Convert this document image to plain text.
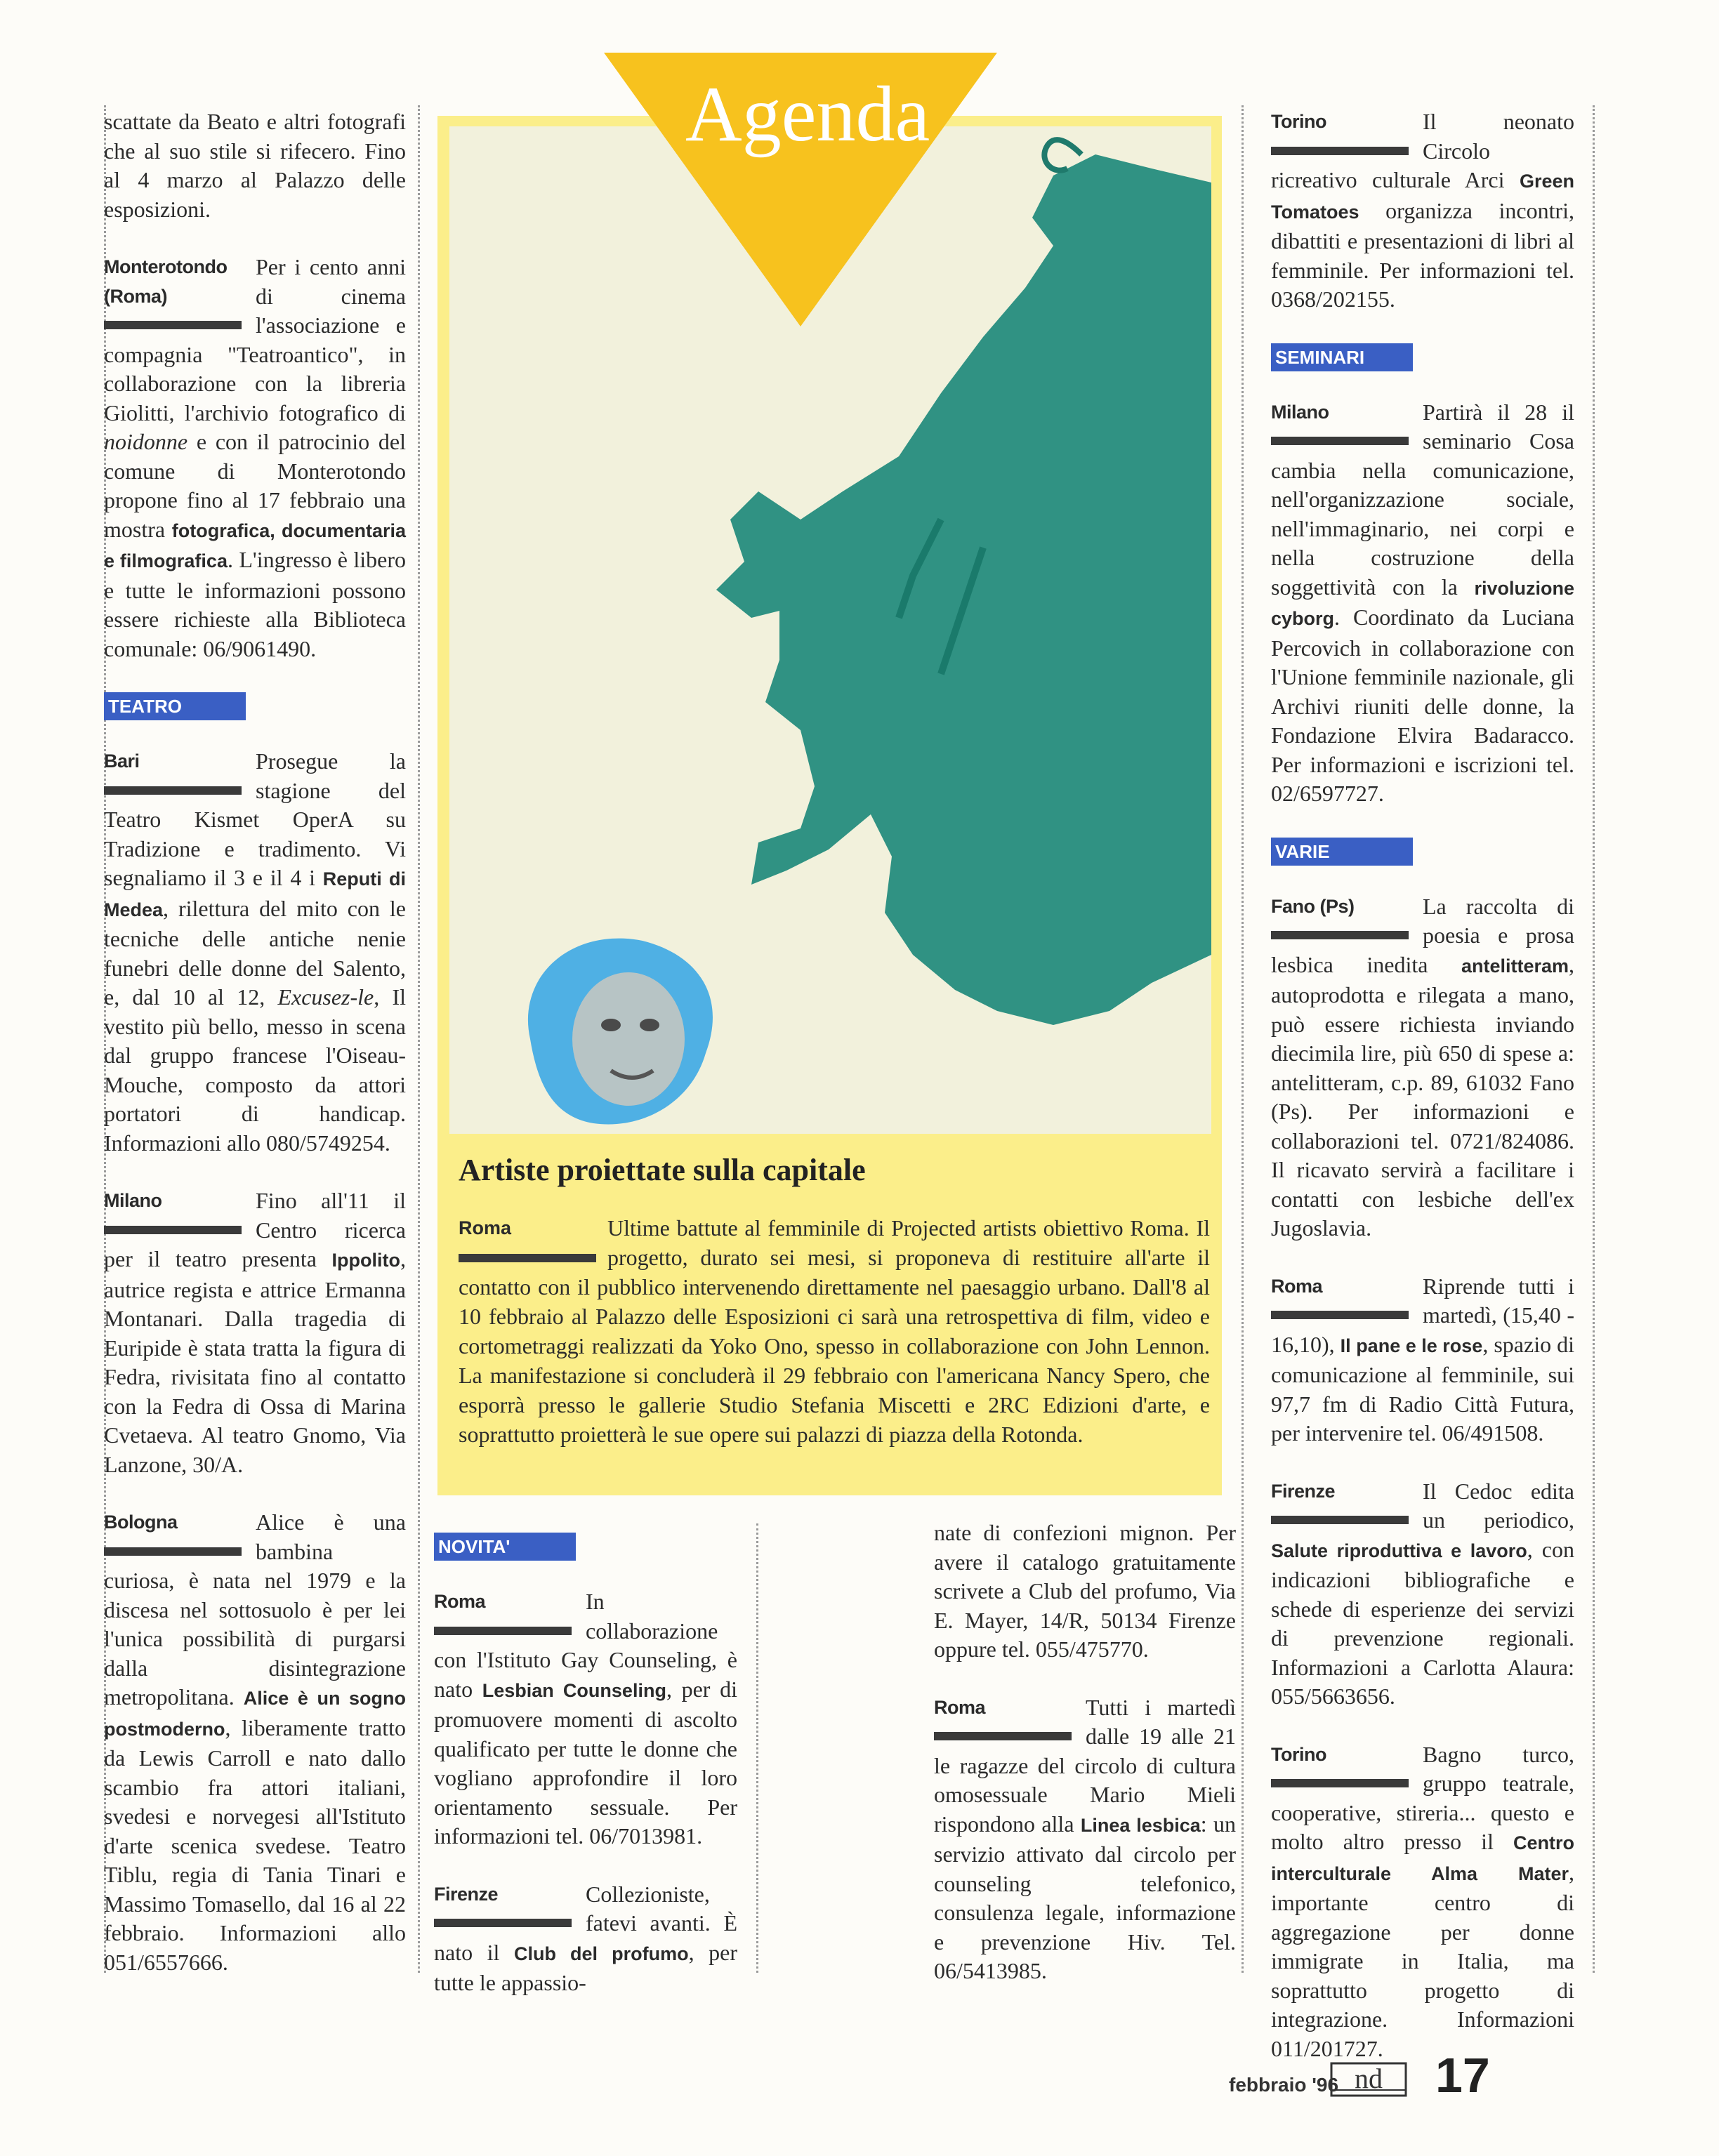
scattate da Beato e altri fotografi che al suo stile si rifecero. Fino al 4 marzo al Palazzo delle esposizioni.

Monterotondo (Roma)
Per i cento anni di cinema l'associazione e compagnia "Teatroantico", in collaborazione con la libreria Giolitti, l'archivio fotografico di noidonne e con il patrocinio del comune di Monterotondo propone fino al 17 febbraio una mostra fotografica, documentaria e filmografica. L'ingresso è libero e tutte le informazioni possono essere richieste alla Biblioteca comunale: 06/9061490.

TEATRO

Bari	Prosegue la stagione del Teatro Kismet OperA su Tradizione e tradimento. Vi segnaliamo il 3 e il 4 i Reputi di Medea, rilettura del mito con le tecniche delle antiche nenie funebri delle donne del Salento, e, dal 10 al 12, Excusez-le, Il vestito più bello, messo in scena dal gruppo francese l'Oiseau-Mouche, composto da attori portatori di handicap. Informazioni allo 080/5749254.

Milano	Fino all'11 il Centro ricerca per il teatro presenta Ippolito, autrice regista e attrice Ermanna Montanari. Dalla tragedia di Euripide è stata tratta la figura di Fedra, rivisitata fino al contatto con la Fedra di Ossa di Marina Cvetaeva. Al teatro Gnomo, Via Lanzone, 30/A.

Bologna	Alice è una bambina curiosa, è nata nel 1979 e la discesa nel sottosuolo è per lei l'unica possibilità di purgarsi dalla disintegrazione metropolitana. Alice è un sogno postmoderno, liberamente tratto da Lewis Carroll e nato dallo scambio fra attori italiani, svedesi e norvegesi all'Istituto d'arte scenica svedese. Teatro Tiblu, regia di Tania Tinari e Massimo Tomasello, dal 16 al 22 febbraio. Informazioni allo 051/6557666.

Agenda
Artiste proiettate sulla capitale
Roma	Ultime battute al femminile di Projected artists obiettivo Roma. Il progetto, durato sei mesi, si proponeva di restituire all'arte il contatto con il pubblico intervenendo direttamente nel paesaggio urbano. Dall'8 al 10 febbraio al Palazzo delle Esposizioni ci sarà una retrospettiva di film, video e cortometraggi realizzati da Yoko Ono, spesso in collaborazione con John Lennon. La manifestazione si concluderà il 29 febbraio con l'americana Nancy Spero, che esporrà presso le gallerie Studio Stefania Miscetti e 2RC Edizioni d'arte, e soprattutto proietterà le sue opere sui palazzi di piazza della Rotonda.
NOVITA'

Roma	In collaborazione con l'Istituto Gay Counseling, è nato Lesbian Counseling, per di promuovere momenti di ascolto qualificato per tutte le donne che vogliano approfondire il loro orientamento sessuale. Per informazioni tel. 06/7013981.

Firenze	Collezioniste, fatevi avanti. È nato il Club del profumo, per tutte le appassio-

nate di confezioni mignon. Per avere il catalogo gratuitamente scrivete a Club del profumo, Via E. Mayer, 14/R, 50134 Firenze oppure tel. 055/475770.

Roma	Tutti i martedì dalle 19 alle 21 le ragazze del circolo di cultura omosessuale Mario Mieli rispondono alla Linea lesbica: un servizio attivato dal circolo per counseling telefonico, consulenza legale, informazione e prevenzione Hiv. Tel. 06/5413985.

Torino	Il neonato Circolo ricreativo culturale Arci Green Tomatoes organizza incontri, dibattiti e presentazioni di libri al femminile. Per informazioni tel. 0368/202155.

SEMINARI

Milano	Partirà il 28 il seminario Cosa cambia nella comunicazione, nell'organizzazione sociale, nell'immaginario, nei corpi e nella costruzione della soggettività con la rivoluzione cyborg. Coordinato da Luciana Percovich in collaborazione con l'Unione femminile nazionale, gli Archivi riuniti delle donne, la Fondazione Elvira Badaracco. Per informazioni e iscrizioni tel. 02/6597727.

VARIE

Fano (Ps)	La raccolta di poesia e prosa lesbica inedita antelitteram, autoprodotta e rilegata a mano, può essere richiesta inviando diecimila lire, più 650 di spese a: antelitteram, c.p. 89, 61032 Fano (Ps). Per informazioni e collaborazioni tel. 0721/824086. Il ricavato servirà a facilitare i contatti con lesbiche dell'ex Jugoslavia.

Roma	Riprende tutti i martedì, (15,40 - 16,10), Il pane e le rose, spazio di comunicazione al femminile, sui 97,7 fm di Radio Città Futura, per intervenire tel. 06/491508.

Firenze	Il Cedoc edita un periodico, Salute riproduttiva e lavoro, con indicazioni bibliografiche e schede di esperienze dei servizi di prevenzione regionali. Informazioni a Carlotta Alaura: 055/5663656.

Torino	Bagno turco, gruppo teatrale, cooperative, stireria... questo e molto altro presso il Centro interculturale Alma Mater, importante centro di aggregazione per donne immigrate in Italia, ma soprattutto progetto di integrazione. Informazioni 011/201727.

febbraio '96 nd 17
